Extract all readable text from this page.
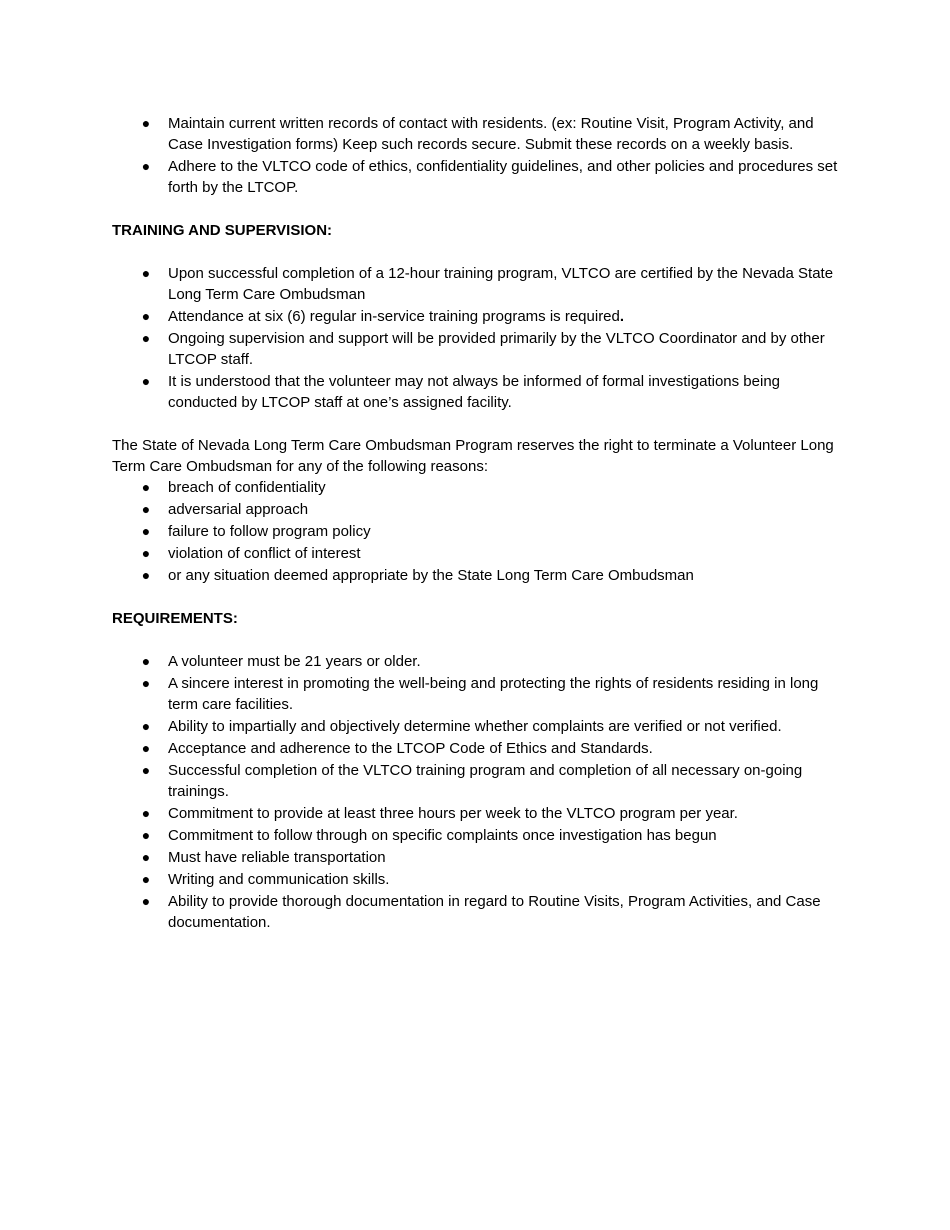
● Maintain current written records of contact with residents. (ex: Routine Visit, Program Activity, and Case Investigation forms) Keep such records secure. Submit these records on a weekly basis.
● Adhere to the VLTCO code of ethics, confidentiality guidelines, and other policies and procedures set forth by the LTCOP.

TRAINING AND SUPERVISION:

● Upon successful completion of a 12-hour training program, VLTCO are certified by the Nevada State Long Term Care Ombudsman
● Attendance at six (6) regular in-service training programs is required.
● Ongoing supervision and support will be provided primarily by the VLTCO Coordinator and by other LTCOP staff.
● It is understood that the volunteer may not always be informed of formal investigations being conducted by LTCOP staff at one’s assigned facility.

The State of Nevada Long Term Care Ombudsman Program reserves the right to terminate a Volunteer Long Term Care Ombudsman for any of the following reasons:

● breach of confidentiality
● adversarial approach
● failure to follow program policy
● violation of conflict of interest
● or any situation deemed appropriate by the State Long Term Care Ombudsman

REQUIREMENTS:

● A volunteer must be 21 years or older.
● A sincere interest in promoting the well-being and protecting the rights of residents residing in long term care facilities.
● Ability to impartially and objectively determine whether complaints are verified or not verified.
● Acceptance and adherence to the LTCOP Code of Ethics and Standards.
● Successful completion of the VLTCO training program and completion of all necessary on-going trainings.
● Commitment to provide at least three hours per week to the VLTCO program per year.
● Commitment to follow through on specific complaints once investigation has begun
● Must have reliable transportation
● Writing and communication skills.
● Ability to provide thorough documentation in regard to Routine Visits, Program Activities, and Case documentation.
